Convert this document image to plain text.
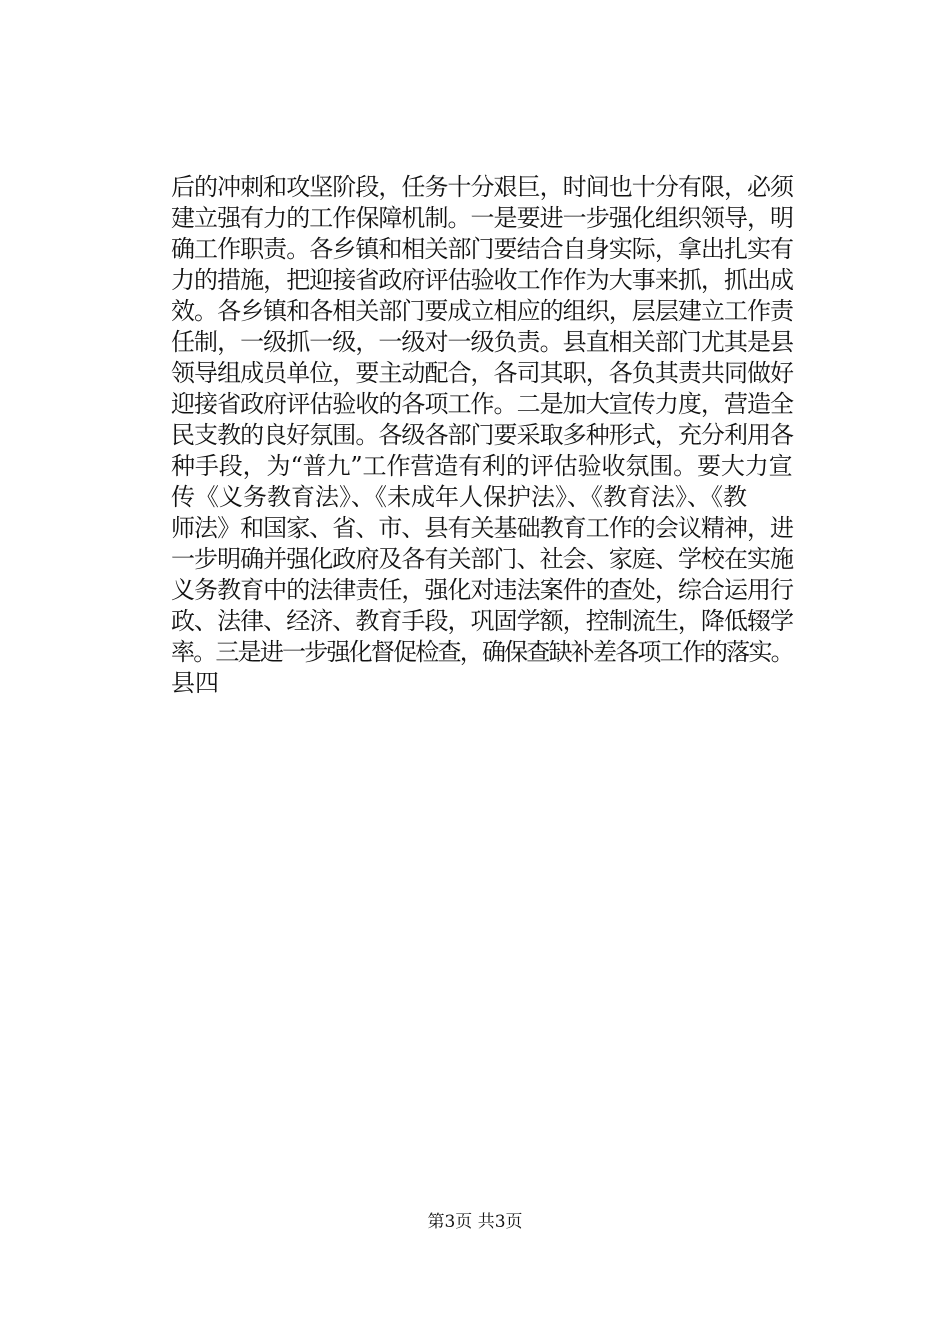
后的冲刺和攻坚阶段，任务十分艰巨，时间也十分有限，必须
建立强有力的工作保障机制。一是要进一步强化组织领导，明
确工作职责。各乡镇和相关部门要结合自身实际，拿出扎实有
力的措施，把迎接省政府评估验收工作作为大事来抓，抓出成
效。各乡镇和各相关部门要成立相应的组织，层层建立工作责
任制，一级抓一级，一级对一级负责。县直相关部门尤其是县
领导组成员单位，要主动配合，各司其职，各负其责共同做好
迎接省政府评估验收的各项工作。二是加大宣传力度，营造全
民支教的良好氛围。各级各部门要采取多种形式，充分利用各
种手段，为“普九”工作营造有利的评估验收氛围。要大力宣
传《义务教育法》、《未成年人保护法》、《教育法》、《教
师法》和国家、省、市、县有关基础教育工作的会议精神，进
一步明确并强化政府及各有关部门、社会、家庭、学校在实施
义务教育中的法律责任，强化对违法案件的查处，综合运用行
政、法律、经济、教育手段，巩固学额，控制流生，降低辍学
率。三是进一步强化督促检查，确保查缺补差各项工作的落实。
县四
第3页 共3页
